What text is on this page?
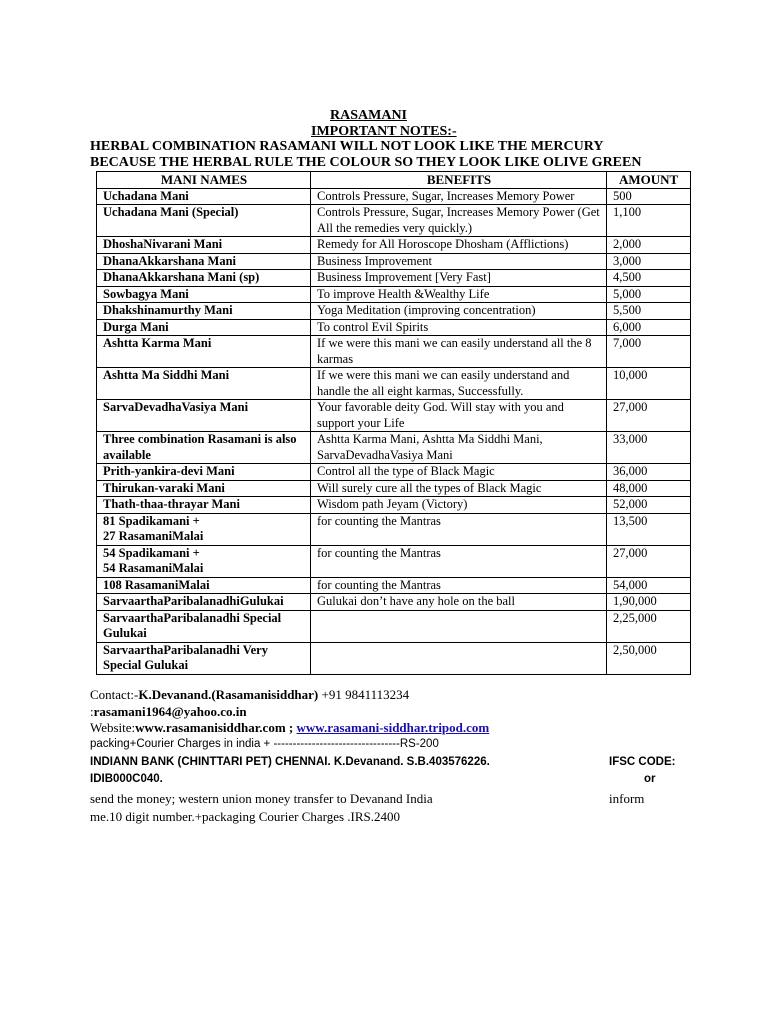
RASAMANI
IMPORTANT NOTES:-
HERBAL COMBINATION RASAMANI WILL NOT LOOK LIKE THE MERCURY
BECAUSE THE HERBAL RULE THE COLOUR SO THEY LOOK LIKE OLIVE GREEN
MANI NAMES	BENEFITS	AMOUNT
Uchadana Mani	Controls Pressure, Sugar, Increases Memory Power	500
Uchadana Mani (Special)	Controls Pressure, Sugar, Increases Memory Power (Get All the remedies very quickly.)	1,100
DhoshaNivarani Mani	Remedy for All Horoscope Dhosham (Afflictions)	2,000
DhanaAkkarshana Mani	Business Improvement	3,000
DhanaAkkarshana Mani (sp)	Business Improvement [Very Fast]	4,500
Sowbagya Mani	To improve Health &Wealthy Life	5,000
Dhakshinamurthy Mani	Yoga Meditation (improving concentration)	5,500
Durga Mani	To control Evil Spirits	6,000
Ashtta Karma Mani	If we were this mani we can easily understand all the 8 karmas	7,000
Ashtta Ma Siddhi Mani	If we were this mani we can easily understand and handle the all eight karmas, Successfully.	10,000
SarvaDevadhaVasiya Mani	Your favorable deity God. Will stay with you and support your Life	27,000
Three combination Rasamani is also available	Ashtta Karma Mani, Ashtta Ma Siddhi Mani, SarvaDevadhaVasiya Mani	33,000
Prith-yankira-devi Mani	Control all the type of Black Magic	36,000
Thirukan-varaki Mani	Will surely cure all the types of Black Magic	48,000
Thath-thaa-thrayar Mani	Wisdom path Jeyam (Victory)	52,000
81 Spadikamani +
27 RasamaniMalai	for counting the Mantras	13,500
54 Spadikamani +
54 RasamaniMalai	for counting the Mantras	27,000
108 RasamaniMalai	for counting the Mantras	54,000
SarvaarthaParibalanadhiGulukai	Gulukai don’t have any hole on the ball	1,90,000
SarvaarthaParibalanadhi Special Gulukai		2,25,000
SarvaarthaParibalanadhi Very Special Gulukai		2,50,000
Contact:-K.Devanand.(Rasamanisiddhar) +91 9841113234
:rasamani1964@yahoo.co.in
Website:www.rasamanisiddhar.com ; www.rasamani-siddhar.tripod.com
packing+Courier Charges in india + ---------------------------------RS-200
INDIANN BANK (CHINTTARI PET) CHENNAI. K.Devanand. S.B.403576226.	IFSC CODE:
IDIB000C040.	or
send the money; western union money transfer to Devanand India	inform
me.10 digit number.+packaging Courier Charges .IRS.2400
